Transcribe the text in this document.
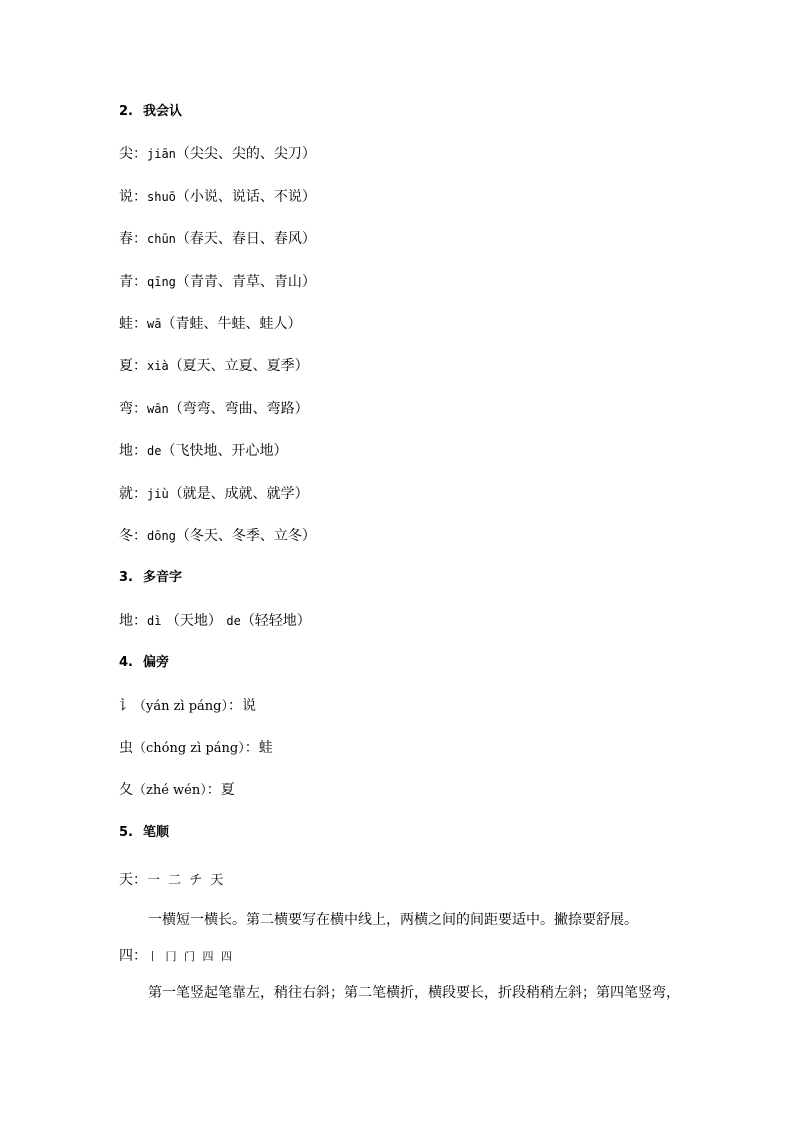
2. 我会认
尖：jiān（尖尖、尖的、尖刀）
说：shuō（小说、说话、不说）
春：chūn（春天、春日、春风）
青：qīng（青青、青草、青山）
蛙：wā（青蛙、牛蛙、蛙人）
夏：xià（夏天、立夏、夏季）
弯：wān（弯弯、弯曲、弯路）
地：de（飞快地、开心地）
就：jiù（就是、成就、就学）
冬：dōng（冬天、冬季、立冬）
3. 多音字
地：dì （天地） de（轻轻地）
4. 偏旁
讠（yán zì páng）：说
虫（chóng zì páng）：蛙
夂（zhé wén）：夏
5. 笔顺
天：一 二 チ 天
一横短一横长。第二横要写在横中线上，两横之间的间距要适中。撇捺要舒展。
四：丨 冂 门 四 四
第一笔竖起笔靠左，稍往右斜；第二笔横折，横段要长，折段稍稍左斜；第四笔竖弯，
